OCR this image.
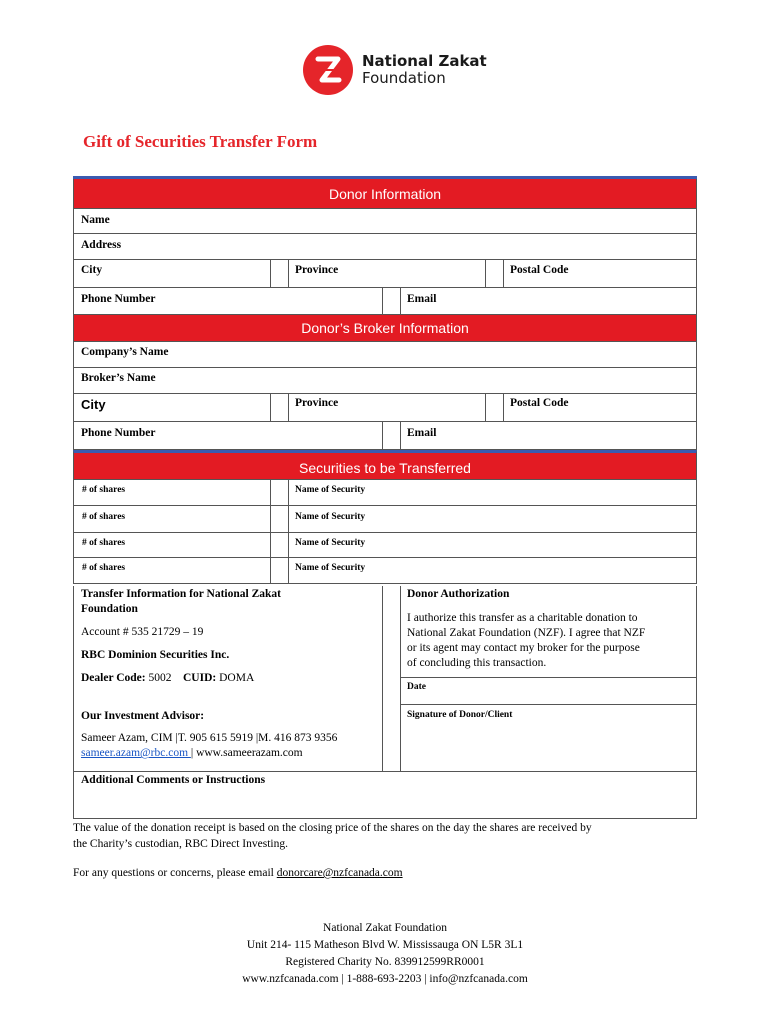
National Zakat
Foundation
Gift of Securities Transfer Form
Donor Information
Name
Address
City	Province	Postal Code
Phone Number	Email
Donor’s Broker Information
Company’s Name
Broker’s Name
City	Province	Postal Code
Phone Number	Email
Securities to be Transferred
# of shares	Name of Security
# of shares	Name of Security
# of shares	Name of Security
# of shares	Name of Security
Transfer Information for National Zakat
Foundation
Account # 535 21729 – 19
RBC Dominion Securities Inc.
Dealer Code: 5002 CUID: DOMA
Our Investment Advisor:
Sameer Azam, CIM |T. 905 615 5919 |M. 416 873 9356
sameer.azam@rbc.com | www.sameerazam.com
Donor Authorization
I authorize this transfer as a charitable donation to
National Zakat Foundation (NZF). I agree that NZF
or its agent may contact my broker for the purpose
of concluding this transaction.
Date
Signature of Donor/Client
Additional Comments or Instructions
The value of the donation receipt is based on the closing price of the shares on the day the shares are received by
the Charity’s custodian, RBC Direct Investing.
For any questions or concerns, please email donorcare@nzfcanada.com
National Zakat Foundation
Unit 214- 115 Matheson Blvd W. Mississauga ON L5R 3L1
Registered Charity No. 839912599RR0001
www.nzfcanada.com | 1-888-693-2203 | info@nzfcanada.com
